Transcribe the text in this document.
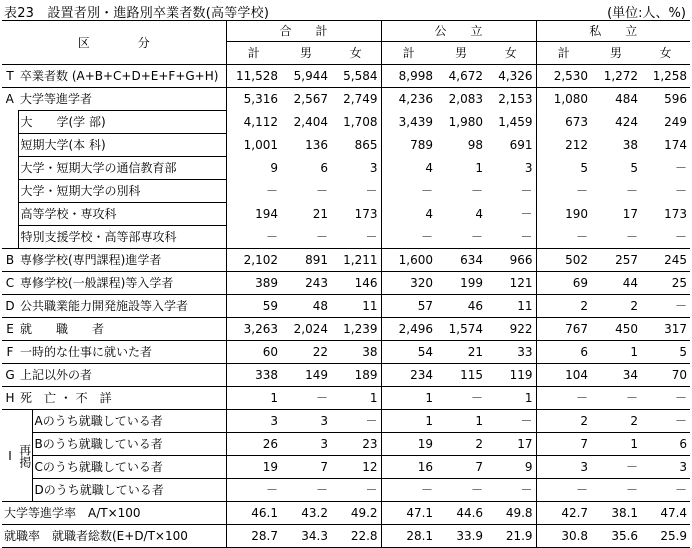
表23　設置者別・進路別卒業者数(高等学校)	(単位:人、%)
区　　　　分			合　　計			公　　立			私　　立		
			計	男	女	計	男	女	計	男	女
T	卒業者数 (A+B+C+D+E+F+G+H)		11,528	5,944	5,584	8,998	4,672	4,326	2,530	1,272	1,258
A	大学等進学者		5,316	2,567	2,749	4,236	2,083	2,153	1,080	484	596
	大　　学(学 部)		4,112	2,404	1,708	3,439	1,980	1,459	673	424	249
	短期大学(本 科)		1,001	136	865	789	98	691	212	38	174
	大学・短期大学の通信教育部		9	6	3	4	1	3	5	5	－
	大学・短期大学の別科		－	－	－	－	－	－	－	－	－
	高等学校・専攻科		194	21	173	4	4	－	190	17	173
	特別支援学校・高等部専攻科		－	－	－	－	－	－	－	－	－
B	専修学校(専門課程)進学者		2,102	891	1,211	1,600	634	966	502	257	245
C	専修学校(一般課程)等入学者		389	243	146	320	199	121	69	44	25
D	公共職業能力開発施設等入学者		59	48	11	57	46	11	2	2	－
E	就　　職　　者		3,263	2,024	1,239	2,496	1,574	922	767	450	317
F	一時的な仕事に就いた者		60	22	38	54	21	33	6	1	5
G	上記以外の者		338	149	189	234	115	119	104	34	70
H	死　亡 ・ 不　詳		1	－	1	1	－	1	－	－	－
I	再掲	Aのうち就職している者	3	3	－	1	1	－	2	2	－
		Bのうち就職している者	26	3	23	19	2	17	7	1	6
		Cのうち就職している者	19	7	12	16	7	9	3	－	3
		Dのうち就職している者	－	－	－	－	－	－	－	－	－
大学等進学率　A/T×100			46.1	43.2	49.2	47.1	44.6	49.8	42.7	38.1	47.4
就職率　就職者総数(E+D/T×100			28.7	34.3	22.8	28.1	33.9	21.9	30.8	35.6	25.9
